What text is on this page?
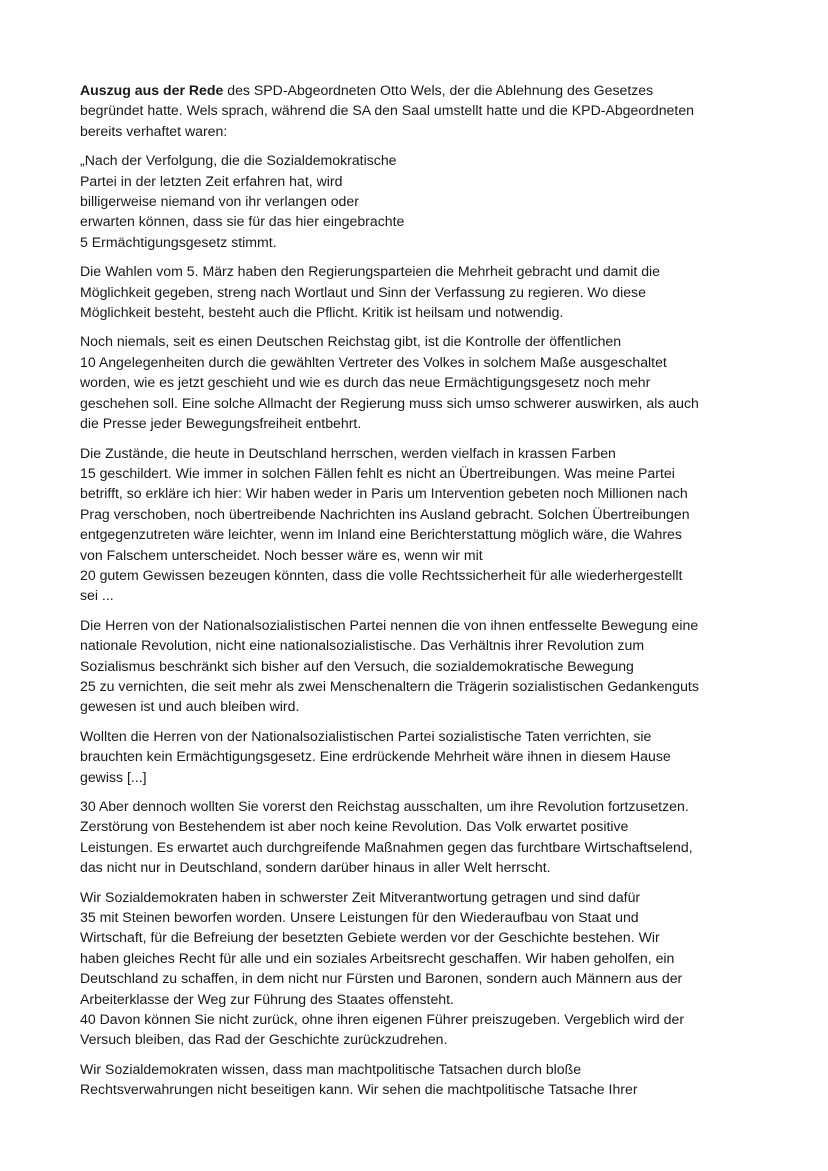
Auszug aus der Rede des SPD-Abgeordneten Otto Wels, der die Ablehnung des Gesetzes
begründet hatte. Wels sprach, während die SA den Saal umstellt hatte und die KPD-Abgeordneten
bereits verhaftet waren:

„Nach der Verfolgung, die die Sozialdemokratische
Partei in der letzten Zeit erfahren hat, wird
billigerweise niemand von ihr verlangen oder
erwarten können, dass sie für das hier eingebrachte
5 Ermächtigungsgesetz stimmt.

Die Wahlen vom 5. März haben den Regierungsparteien die Mehrheit gebracht und damit die
Möglichkeit gegeben, streng nach Wortlaut und Sinn der Verfassung zu regieren. Wo diese
Möglichkeit besteht, besteht auch die Pflicht. Kritik ist heilsam und notwendig.

Noch niemals, seit es einen Deutschen Reichstag gibt, ist die Kontrolle der öffentlichen
10 Angelegenheiten durch die gewählten Vertreter des Volkes in solchem Maße ausgeschaltet
worden, wie es jetzt geschieht und wie es durch das neue Ermächtigungsgesetz noch mehr
geschehen soll. Eine solche Allmacht der Regierung muss sich umso schwerer auswirken, als auch
die Presse jeder Bewegungsfreiheit entbehrt.

Die Zustände, die heute in Deutschland herrschen, werden vielfach in krassen Farben
15 geschildert. Wie immer in solchen Fällen fehlt es nicht an Übertreibungen. Was meine Partei
betrifft, so erkläre ich hier: Wir haben weder in Paris um Intervention gebeten noch Millionen nach
Prag verschoben, noch übertreibende Nachrichten ins Ausland gebracht. Solchen Übertreibungen
entgegenzutreten wäre leichter, wenn im Inland eine Berichterstattung möglich wäre, die Wahres
von Falschem unterscheidet. Noch besser wäre es, wenn wir mit
20 gutem Gewissen bezeugen könnten, dass die volle Rechtssicherheit für alle wiederhergestellt
sei ...

Die Herren von der Nationalsozialistischen Partei nennen die von ihnen entfesselte Bewegung eine
nationale Revolution, nicht eine nationalsozialistische. Das Verhältnis ihrer Revolution zum
Sozialismus beschränkt sich bisher auf den Versuch, die sozialdemokratische Bewegung
25 zu vernichten, die seit mehr als zwei Menschenaltern die Trägerin sozialistischen Gedankenguts
gewesen ist und auch bleiben wird.

Wollten die Herren von der Nationalsozialistischen Partei sozialistische Taten verrichten, sie
brauchten kein Ermächtigungsgesetz. Eine erdrückende Mehrheit wäre ihnen in diesem Hause
gewiss [...]

30 Aber dennoch wollten Sie vorerst den Reichstag ausschalten, um ihre Revolution fortzusetzen.
Zerstörung von Bestehendem ist aber noch keine Revolution. Das Volk erwartet positive
Leistungen. Es erwartet auch durchgreifende Maßnahmen gegen das furchtbare Wirtschaftselend,
das nicht nur in Deutschland, sondern darüber hinaus in aller Welt herrscht.

Wir Sozialdemokraten haben in schwerster Zeit Mitverantwortung getragen und sind dafür
35 mit Steinen beworfen worden. Unsere Leistungen für den Wiederaufbau von Staat und
Wirtschaft, für die Befreiung der besetzten Gebiete werden vor der Geschichte bestehen. Wir
haben gleiches Recht für alle und ein soziales Arbeitsrecht geschaffen. Wir haben geholfen, ein
Deutschland zu schaffen, in dem nicht nur Fürsten und Baronen, sondern auch Männern aus der
Arbeiterklasse der Weg zur Führung des Staates offensteht.
40 Davon können Sie nicht zurück, ohne ihren eigenen Führer preiszugeben. Vergeblich wird der
Versuch bleiben, das Rad der Geschichte zurückzudrehen.

Wir Sozialdemokraten wissen, dass man machtpolitische Tatsachen durch bloße
Rechtsverwahrungen nicht beseitigen kann. Wir sehen die machtpolitische Tatsache Ihrer
